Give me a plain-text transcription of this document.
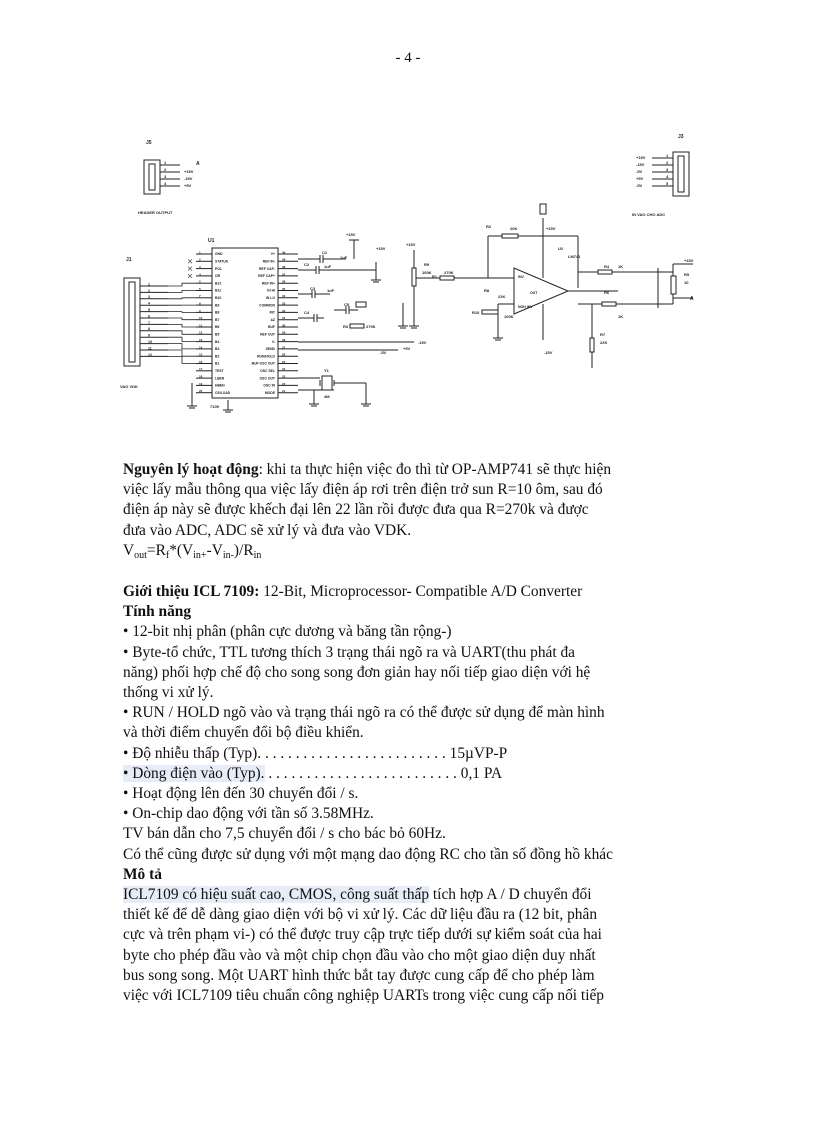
- 4 -
J5
1
2
3
4
A
+15V
-15V
+5V
HEADER OUTPUT
J3
+15V
-15V
-5V
+5V
-5V
1
2
3
4
5
IN VAO CHO ADC
J1
1
2
3
4
5
6
7
8
9
10
11
12
VAO VDK
U1
1	GND
2	STATUS
3	POL
4	OR
5	B12
6	B11
7	B10
8	B9
9	B8
10	B7
11	B6
12	B5
13	B4
14	B3
15	B2
16	B1
17	TEST
18	LBEN
19	HBEN
20	CE/LOAD
40
V+
39
REF IN-
38
REF CAP-
37
REF CAP+
36
REF IN+
35
IN HI
34
IN LO
33
COMMON
32
INT
31
AZ
30
BUF
29
REF OUT
28
V-
27
SEND
26
RUN/HOLD
25
BUF OSC OUT
24
OSC SEL
23
OSC OUT
22
OSC IN
21
MODE
7109
C1
1uF
C2	1uF
+15V
+15V
C3	1nF
C4
C5
R3	270K
-15V
+5V
-5V
Y1
4M
R9
100K
R1
270K
+15V
R2	20K
U2
LM741
INV
NON INV
OUT
+15V
-15V
R10
100K
R8
22K
R4 1K
R6
1K
R7
22K
R5
10
+15V
A
Nguyên lý hoạt động: khi ta thực hiện việc đo thì từ OP-AMP741 sẽ thực hiện
việc lấy mẫu thông qua việc lấy điện áp rơi trên điện trở sun R=10 ôm, sau đó
điện áp này sẽ được khếch đại lên 22 lần rồi được đưa qua R=270k và được
đưa vào ADC, ADC sẽ xử lý và đưa vào VDK.
$V_{out}=R_f*(V_{in+}-V_{in-})/R_{in}$
Giới thiệu ICL 7109: 12-Bit, Microprocessor- Compatible A/D Converter
Tính năng
• 12-bit nhị phân (phân cực dương và băng tần rộng-)
• Byte-tổ chức, TTL tương thích 3 trạng thái ngõ ra và UART(thu phát đa
năng) phối hợp chế độ cho song song đơn giản hay nối tiếp giao diện với hệ
thống vi xử lý.
• RUN / HOLD ngõ vào và trạng thái ngõ ra có thể được sử dụng để màn hình
và thời điểm chuyển đổi bộ điều khiển.
• Độ nhiễu thấp (Typ). . . . . . . . . . . . . . . . . . . . . . . . . 15µVP-P
• Dòng điện vào (Typ). . . . . . . . . . . . . . . . . . . . . . . . . . 0,1 PA
• Hoạt động lên đến 30 chuyển đổi / s.
• On-chip dao động với tần số 3.58MHz.
TV bán dẫn cho 7,5 chuyển đổi / s cho bác bỏ 60Hz.
Có thể cũng được sử dụng với một mạng dao động RC cho tần số đồng hồ khác
Mô tả
ICL7109 có hiệu suất cao, CMOS, công suất thấp tích hợp A / D chuyển đổi
thiết kế để dễ dàng giao diện với bộ vi xử lý. Các dữ liệu đầu ra (12 bit, phân
cực và trên phạm vi-) có thể được truy cập trực tiếp dưới sự kiểm soát của hai
byte cho phép đầu vào và một chip chọn đầu vào cho một giao diện duy nhất
bus song song. Một UART hình thức bắt tay được cung cấp để cho phép làm
việc với ICL7109 tiêu chuẩn công nghiệp UARTs trong việc cung cấp nối tiếp
